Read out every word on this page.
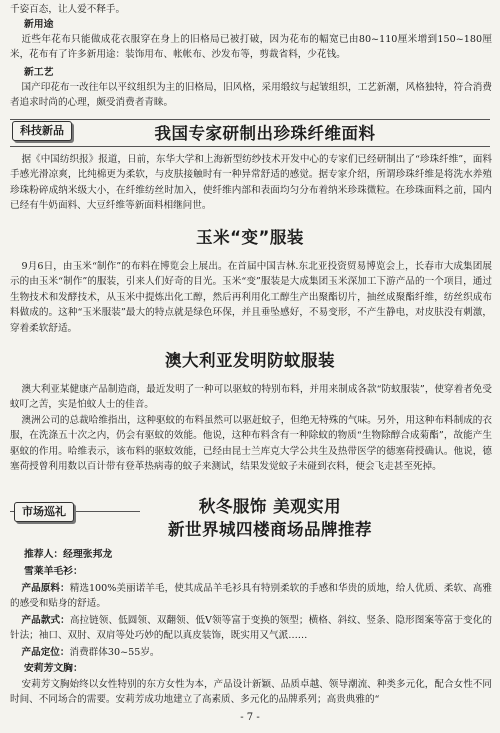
千姿百态，让人爱不释手。

新用途

近些年花布只能做成花衣服穿在身上的旧格局已被打破，因为花布的幅宽已由80~110厘米增到150~180厘米，花布有了许多新用途：装饰用布、帐帐布、沙发布等，剪裁省料，少花钱。

新工艺

国产印花布一改往年以平纹组织为主的旧格局，旧风格，采用缎纹与起皱组织，工艺新潮，风格独特，符合消费者追求时尚的心理，颇受消费者青睐。

科技新品	我国专家研制出珍珠纤维面料

据《中国纺织报》报道，日前，东华大学和上海新型纺纱技术开发中心的专家们已经研制出了“珍珠纤维”，面料手感光滑凉爽，比纯棉更为柔软，与皮肤接触时有一种异常舒适的感觉。据专家介绍，所谓珍珠纤维是将洗水养殖珍珠粉碎成纳米级大小，在纤维纺丝时加入，使纤维内部和表面均匀分布着纳米珍珠微粒。在珍珠面料之前，国内已经有牛奶面料、大豆纤维等新面料相继问世。

玉米“变”服装

9月6日，由玉米“制作”的布料在博览会上展出。在首届中国吉林.东北亚投资贸易博览会上，长春市大成集团展示的由玉米“制作”的服装，引来人们好奇的目光。玉米“变”服装是大成集团玉米深加工下游产品的一个项目，通过生物技术和发酵技术，从玉米中提炼出化工醇，然后再利用化工醇生产出聚酯切片，抽丝成聚酯纤维，纺丝织成布料做成的。这种“玉米服装”最大的特点就是绿色环保，并且垂坠感好，不易变形，不产生静电，对皮肤没有刺激，穿着柔软舒适。

澳大利亚发明防蚊服装

澳大利亚某健康产品制造商，最近发明了一种可以驱蚊的特别布料，并用来制成各款“防蚊服装”，使穿着者免受蚊叮之苦，实是怕蚊人士的佳音。

澳洲公司的总裁哈维指出，这种驱蚊的布料虽然可以驱赶蚊子，但绝无特殊的气味。另外，用这种布料制成的衣服，在洗涤五十次之内，仍会有驱蚊的效能。他说，这种布料含有一种除蚊的物质“生物除醇合成菊酯”，故能产生驱蚊的作用。哈维表示，该布料的驱蚊效能，已经由昆士兰库克大学公共生及热带医学的德塞荷授确认。他说，德塞荷授曾利用数以百计带有登革热病毒的蚊子来测试，结果发觉蚊子未碰到衣料，便会飞走甚至死掉。

市场巡礼	秋冬服饰 美观实用
新世界城四楼商场品牌推荐

推荐人：经理张邦龙

雪莱羊毛衫：

产品原料：精选100%美丽诺羊毛，使其成品羊毛衫具有特别柔软的手感和华贵的质地，给人优质、柔软、高雅的感受和贴身的舒适。

产品款式：高拉链领、低圆领、双翻领、低V领等富于变换的领型；横格、斜纹、竖条、隐形图案等富于变化的针法；袖口、双肘、双肩等处巧妙的配以真皮装饰，既实用又气派……

产品定位：消费群体30~55岁。

安莉芳文胸：

安莉芳文胸始终以女性特别的东方女性为本，产品设计新颖、品质卓越、领导潮流、种类多元化，配合女性不同时间、不同场合的需要。安莉芳成功地建立了高素质、多元化的品牌系列；高贵典雅的“

- 7 -
